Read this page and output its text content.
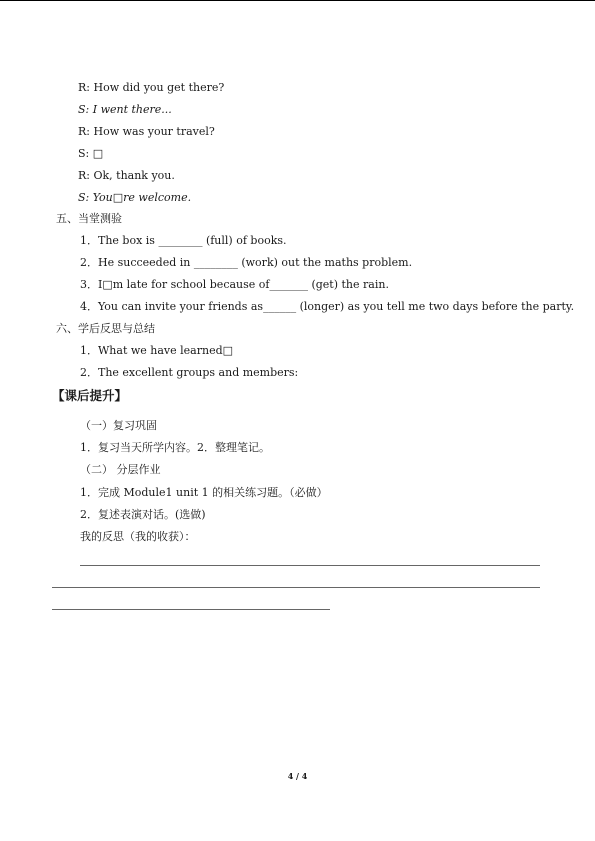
R: How did you get there?
S: I went there...
R: How was your travel?
S: □
R: Ok, thank you.
S: You□re welcome.
五、当堂测验
1．The box is ________ (full) of books.
2．He succeeded in ________ (work) out the maths problem.
3．I□m late for school because of_______ (get) the rain.
4．You can invite your friends as______ (longer) as you tell me two days before the party.
六、学后反思与总结
1．What we have learned□
2．The excellent groups and members:
【课后提升】
（一）复习巩固
1．复习当天所学内容。2．整理笔记。
（二） 分层作业
1．完成 Module1 unit 1 的相关练习题。（必做）
2．复述表演对话。(选做)
我的反思（我的收获）：
4 / 4
